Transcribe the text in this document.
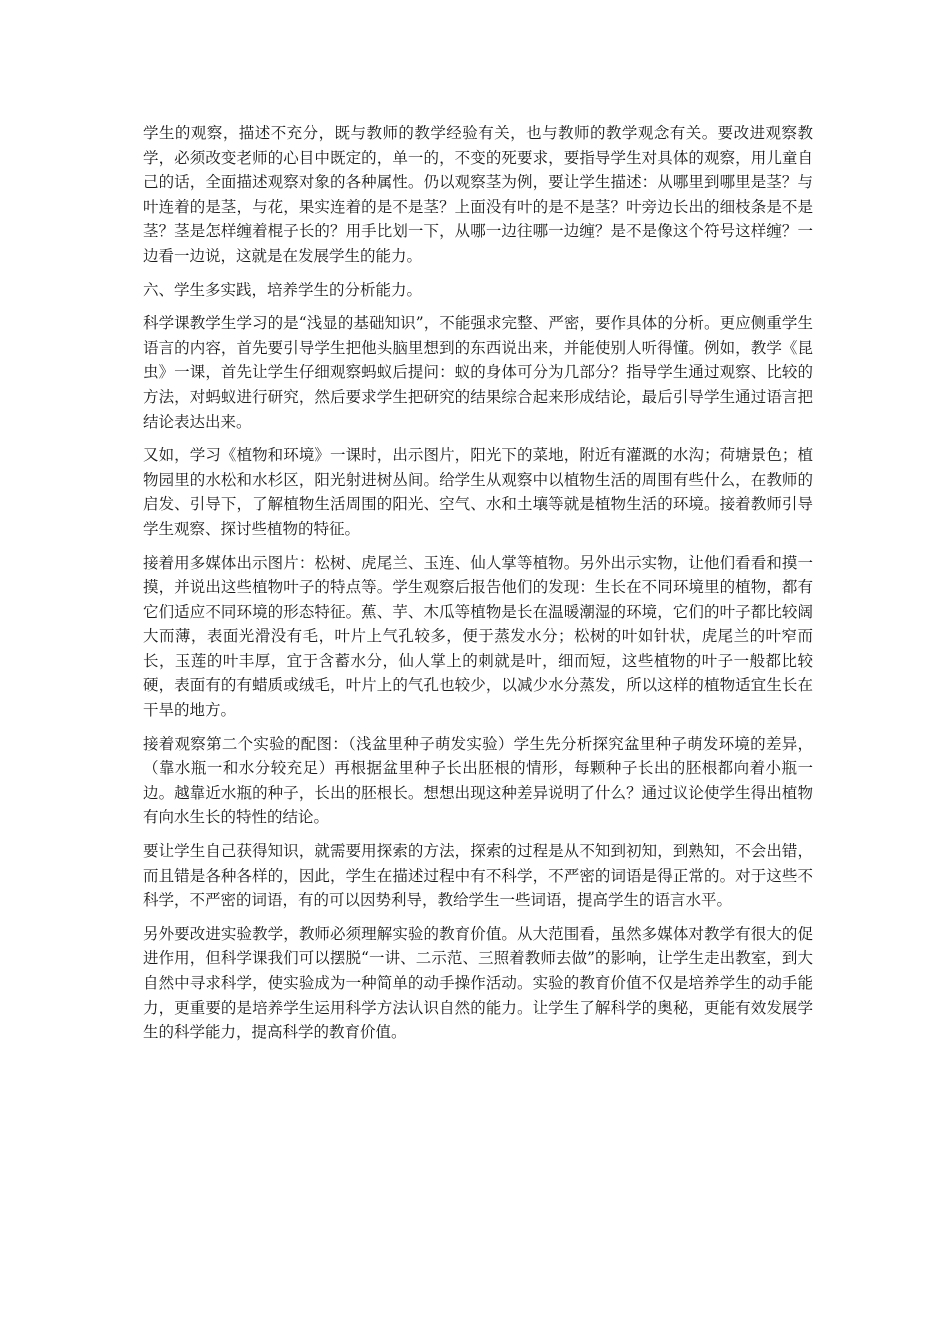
学生的观察，描述不充分，既与教师的教学经验有关，也与教师的教学观念有关。要改进观察教学，必须改变老师的心目中既定的，单一的，不变的死要求，要指导学生对具体的观察，用儿童自己的话，全面描述观察对象的各种属性。仍以观察茎为例，要让学生描述：从哪里到哪里是茎？与叶连着的是茎，与花，果实连着的是不是茎？上面没有叶的是不是茎？叶旁边长出的细枝条是不是茎？茎是怎样缠着棍子长的？用手比划一下，从哪一边往哪一边缠？是不是像这个符号这样缠？一边看一边说，这就是在发展学生的能力。

六、学生多实践，培养学生的分析能力。

科学课教学生学习的是“浅显的基础知识”，不能强求完整、严密，要作具体的分析。更应侧重学生语言的内容，首先要引导学生把他头脑里想到的东西说出来，并能使别人听得懂。例如，教学《昆虫》一课，首先让学生仔细观察蚂蚁后提问：蚁的身体可分为几部分？指导学生通过观察、比较的方法，对蚂蚁进行研究，然后要求学生把研究的结果综合起来形成结论，最后引导学生通过语言把结论表达出来。

又如，学习《植物和环境》一课时，出示图片，阳光下的菜地，附近有灌溉的水沟；荷塘景色；植物园里的水松和水杉区，阳光射进树丛间。给学生从观察中以植物生活的周围有些什么，在教师的启发、引导下，了解植物生活周围的阳光、空气、水和土壤等就是植物生活的环境。接着教师引导学生观察、探讨些植物的特征。

接着用多媒体出示图片：松树、虎尾兰、玉连、仙人掌等植物。另外出示实物，让他们看看和摸一摸，并说出这些植物叶子的特点等。学生观察后报告他们的发现：生长在不同环境里的植物，都有它们适应不同环境的形态特征。蕉、芋、木瓜等植物是长在温暖潮湿的环境，它们的叶子都比较阔大而薄，表面光滑没有毛，叶片上气孔较多，便于蒸发水分；松树的叶如针状，虎尾兰的叶窄而长，玉莲的叶丰厚，宜于含蓄水分，仙人掌上的刺就是叶，细而短，这些植物的叶子一般都比较硬，表面有的有蜡质或绒毛，叶片上的气孔也较少，以减少水分蒸发，所以这样的植物适宜生长在干旱的地方。

接着观察第二个实验的配图：（浅盆里种子萌发实验）学生先分析探究盆里种子萌发环境的差异，（靠水瓶一和水分较充足）再根据盆里种子长出胚根的情形，每颗种子长出的胚根都向着小瓶一边。越靠近水瓶的种子，长出的胚根长。想想出现这种差异说明了什么？通过议论使学生得出植物有向水生长的特性的结论。

要让学生自己获得知识，就需要用探索的方法，探索的过程是从不知到初知，到熟知，不会出错，而且错是各种各样的，因此，学生在描述过程中有不科学，不严密的词语是得正常的。对于这些不科学，不严密的词语，有的可以因势利导，教给学生一些词语，提高学生的语言水平。

另外要改进实验教学，教师必须理解实验的教育价值。从大范围看，虽然多媒体对教学有很大的促进作用，但科学课我们可以摆脱“一讲、二示范、三照着教师去做”的影响，让学生走出教室，到大自然中寻求科学，使实验成为一种简单的动手操作活动。实验的教育价值不仅是培养学生的动手能力，更重要的是培养学生运用科学方法认识自然的能力。让学生了解科学的奥秘，更能有效发展学生的科学能力，提高科学的教育价值。
